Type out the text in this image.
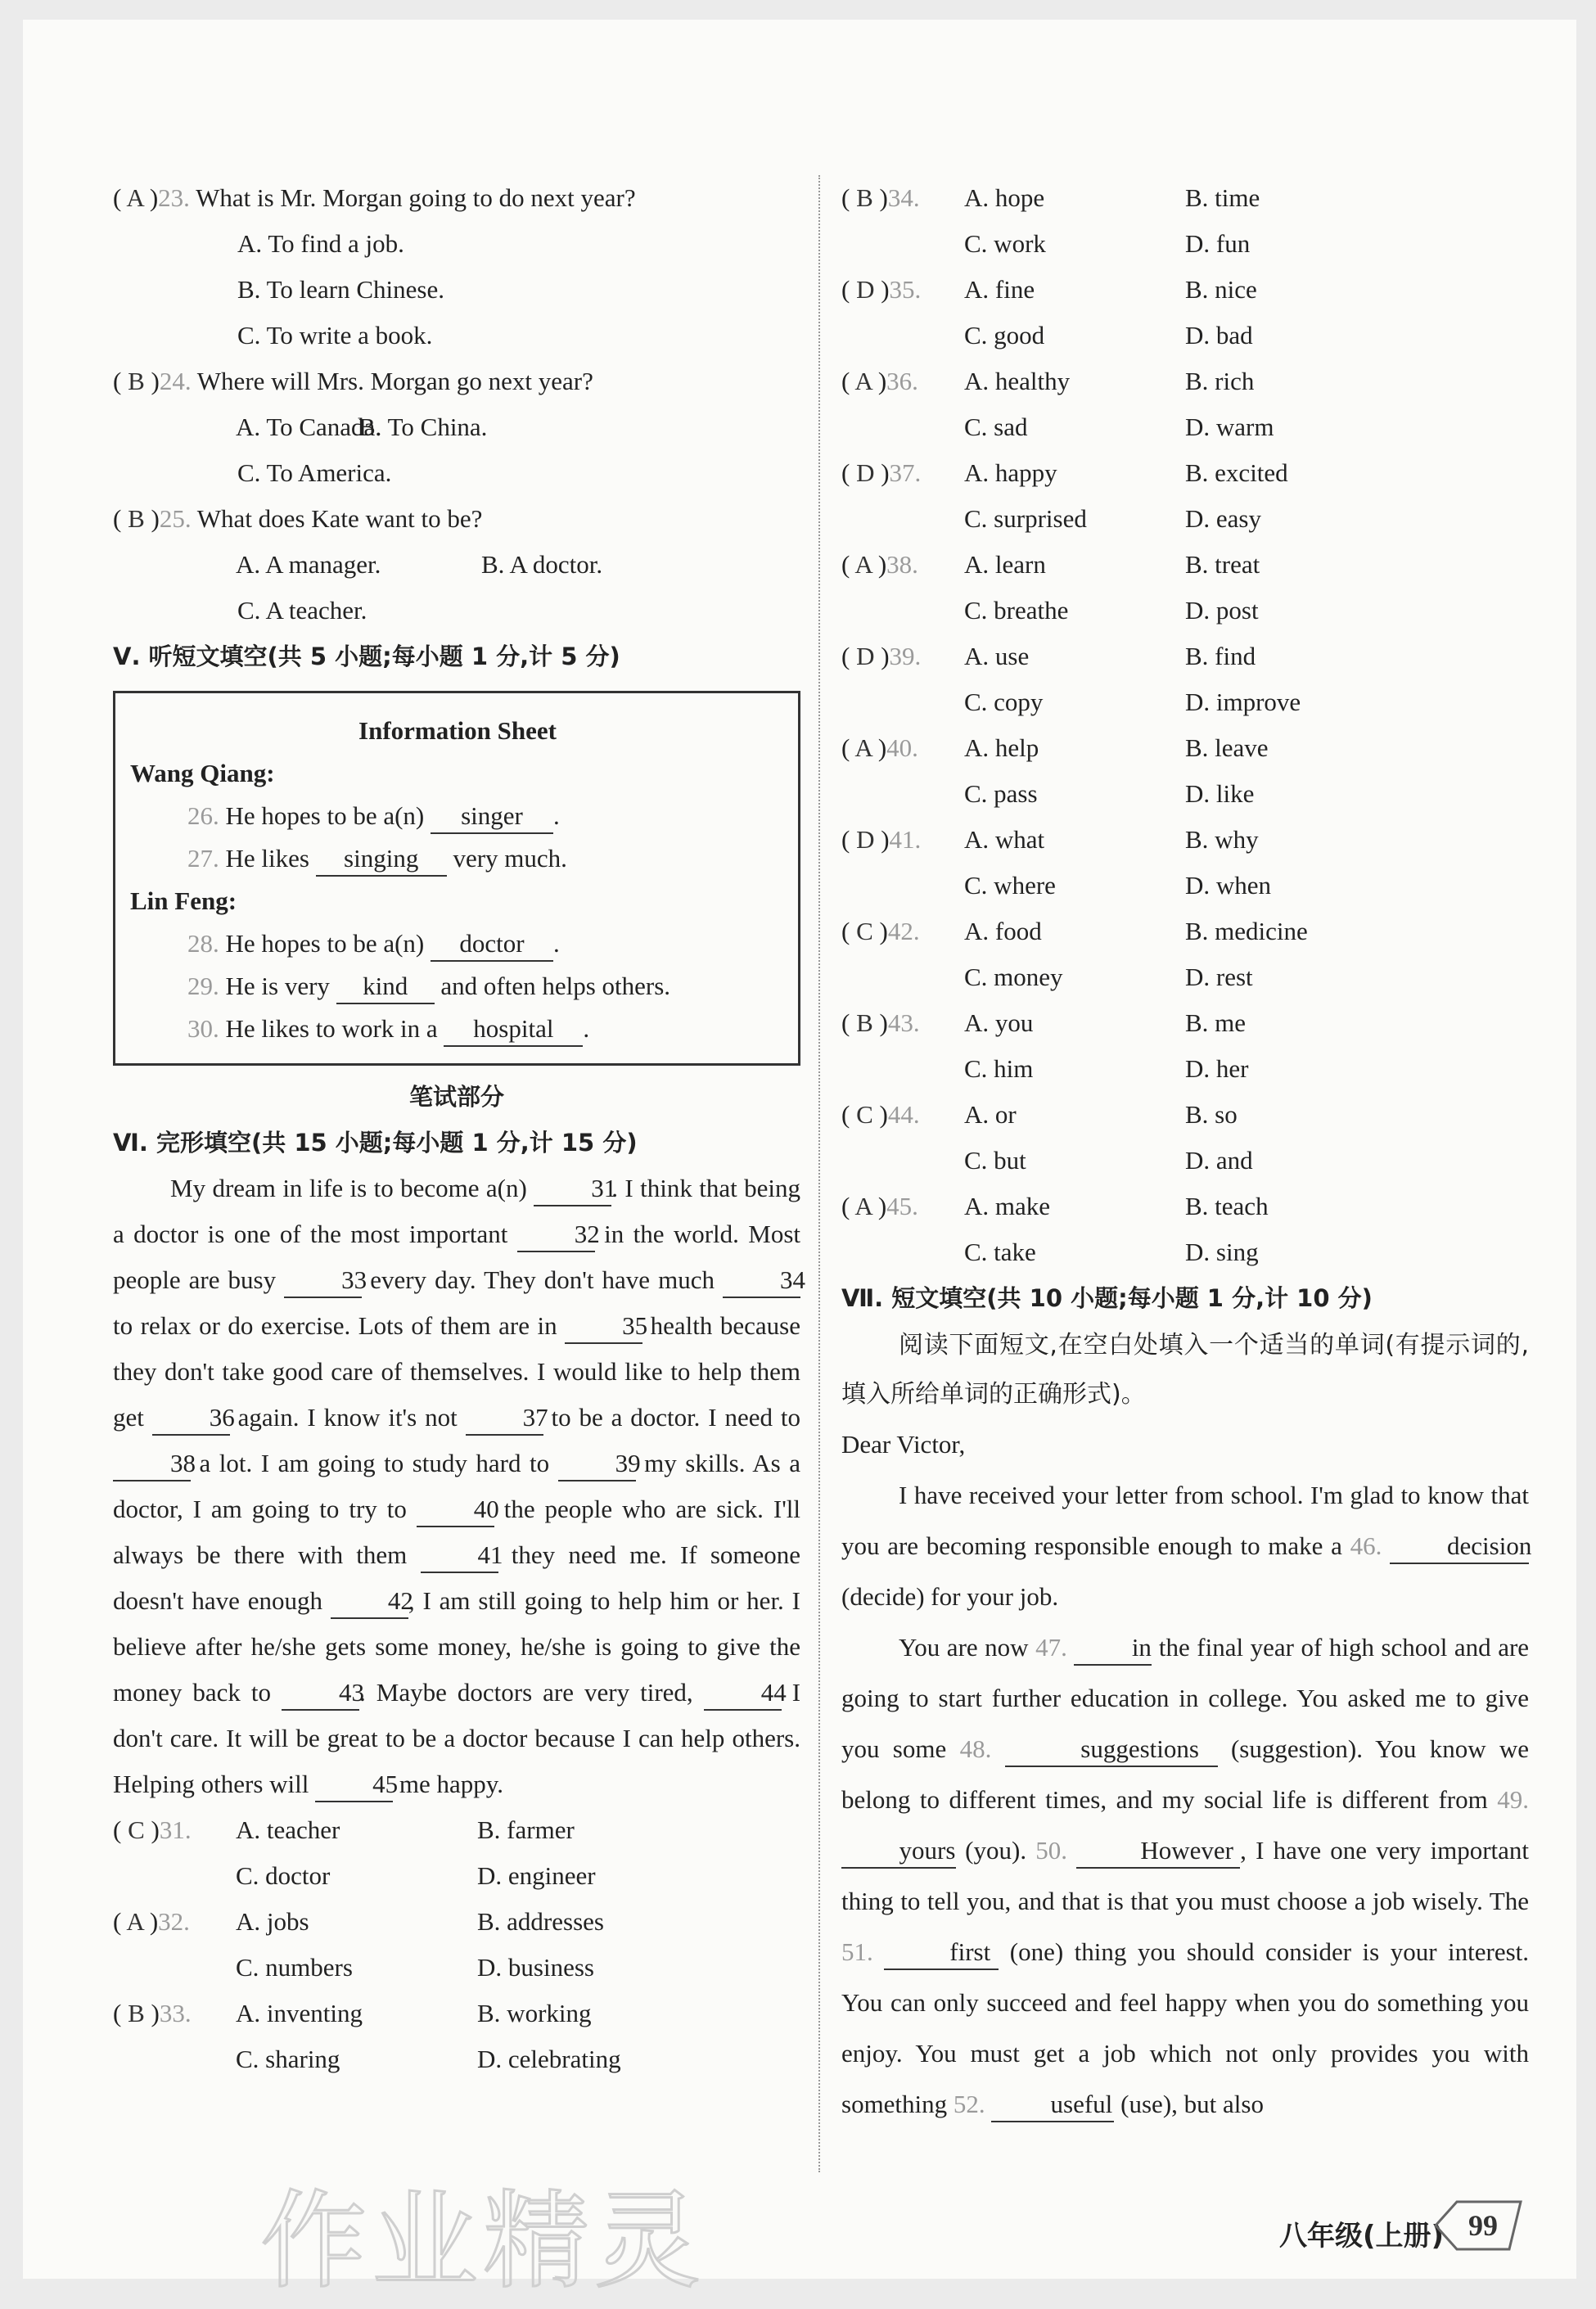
( A )23. What is Mr. Morgan going to do next year?
A. To find a job.
B. To learn Chinese.
C. To write a book.
( B )24. Where will Mrs. Morgan go next year?
A. To Canada.
B. To China.
C. To America.
( B )25. What does Kate want to be?
A. A manager.	B. A doctor.
C. A teacher.
Ⅴ. 听短文填空(共 5 小题;每小题 1 分,计 5 分)
Information Sheet
Wang Qiang:
26. He hopes to be a(n) singer .
27. He likes singing very much.
Lin Feng:
28. He hopes to be a(n) doctor .
29. He is very kind and often helps others.
30. He likes to work in a hospital .
笔试部分
Ⅵ. 完形填空(共 15 小题;每小题 1 分,计 15 分)

My dream in life is to become a(n)	31. I think that being a doctor is one of the most important	32 in the world. Most people are busy	33 every day. They don't have much	34 to relax or do exercise. Lots of them are in	35 health because they don't take good care of themselves. I would like to help them get	36 again. I know it's not	37 to be a doctor. I need to 38 a lot. I am going to study hard to	39 my skills. As a doctor, I am going to try to	40 the people who are sick. I'll always be there with them	41 they need me. If someone doesn't have enough	42, I am still going to help him or her. I believe after he/she gets some money, he/she is going to give the money back to	43. Maybe doctors are very tired,	44 I don't care. It will be great to be a doctor because I can help others. Helping others will	45 me happy.

( C )31. A. teacher	B. farmer
C. doctor	D. engineer
( A )32. A. jobs	B. addresses
C. numbers	D. business
( B )33. A. inventing	B. working
C. sharing	D. celebrating
( B )34. A. hope	B. time
C. work	D. fun
( D )35. A. fine	B. nice
C. good	D. bad
( A )36. A. healthy	B. rich
C. sad	D. warm
( D )37. A. happy	B. excited
C. surprised	D. easy
( A )38. A. learn	B. treat
C. breathe	D. post
( D )39. A. use	B. find
C. copy	D. improve
( A )40. A. help	B. leave
C. pass	D. like
( D )41. A. what	B. why
C. where	D. when
( C )42. A. food	B. medicine
C. money	D. rest
( B )43. A. you	B. me
C. him	D. her
( C )44. A. or	B. so
C. but	D. and
( A )45. A. make	B. teach
C. take	D. sing
Ⅶ. 短文填空(共 10 小题;每小题 1 分,计 10 分)

阅读下面短文,在空白处填入一个适当的单词(有提示词的,填入所给单词的正确形式)。

Dear Victor,

I have received your letter from school. I'm glad to know that you are becoming responsible enough to make a 46.	decision (decide) for your job.

You are now 47.	in the final year of high school and are going to start further education in college. You asked me to give you some 48.	suggestions (suggestion). You know we belong to different times, and my social life is different from 49. yours (you). 50.	However , I have one very important thing to tell you, and that is that you must choose a job wisely. The 51.	first (one) thing you should consider is your interest. You can only succeed and feel happy when you do something you enjoy. You must get a job which not only provides you with something 52.	useful (use), but also

作业精灵	八年级(上册) 99
